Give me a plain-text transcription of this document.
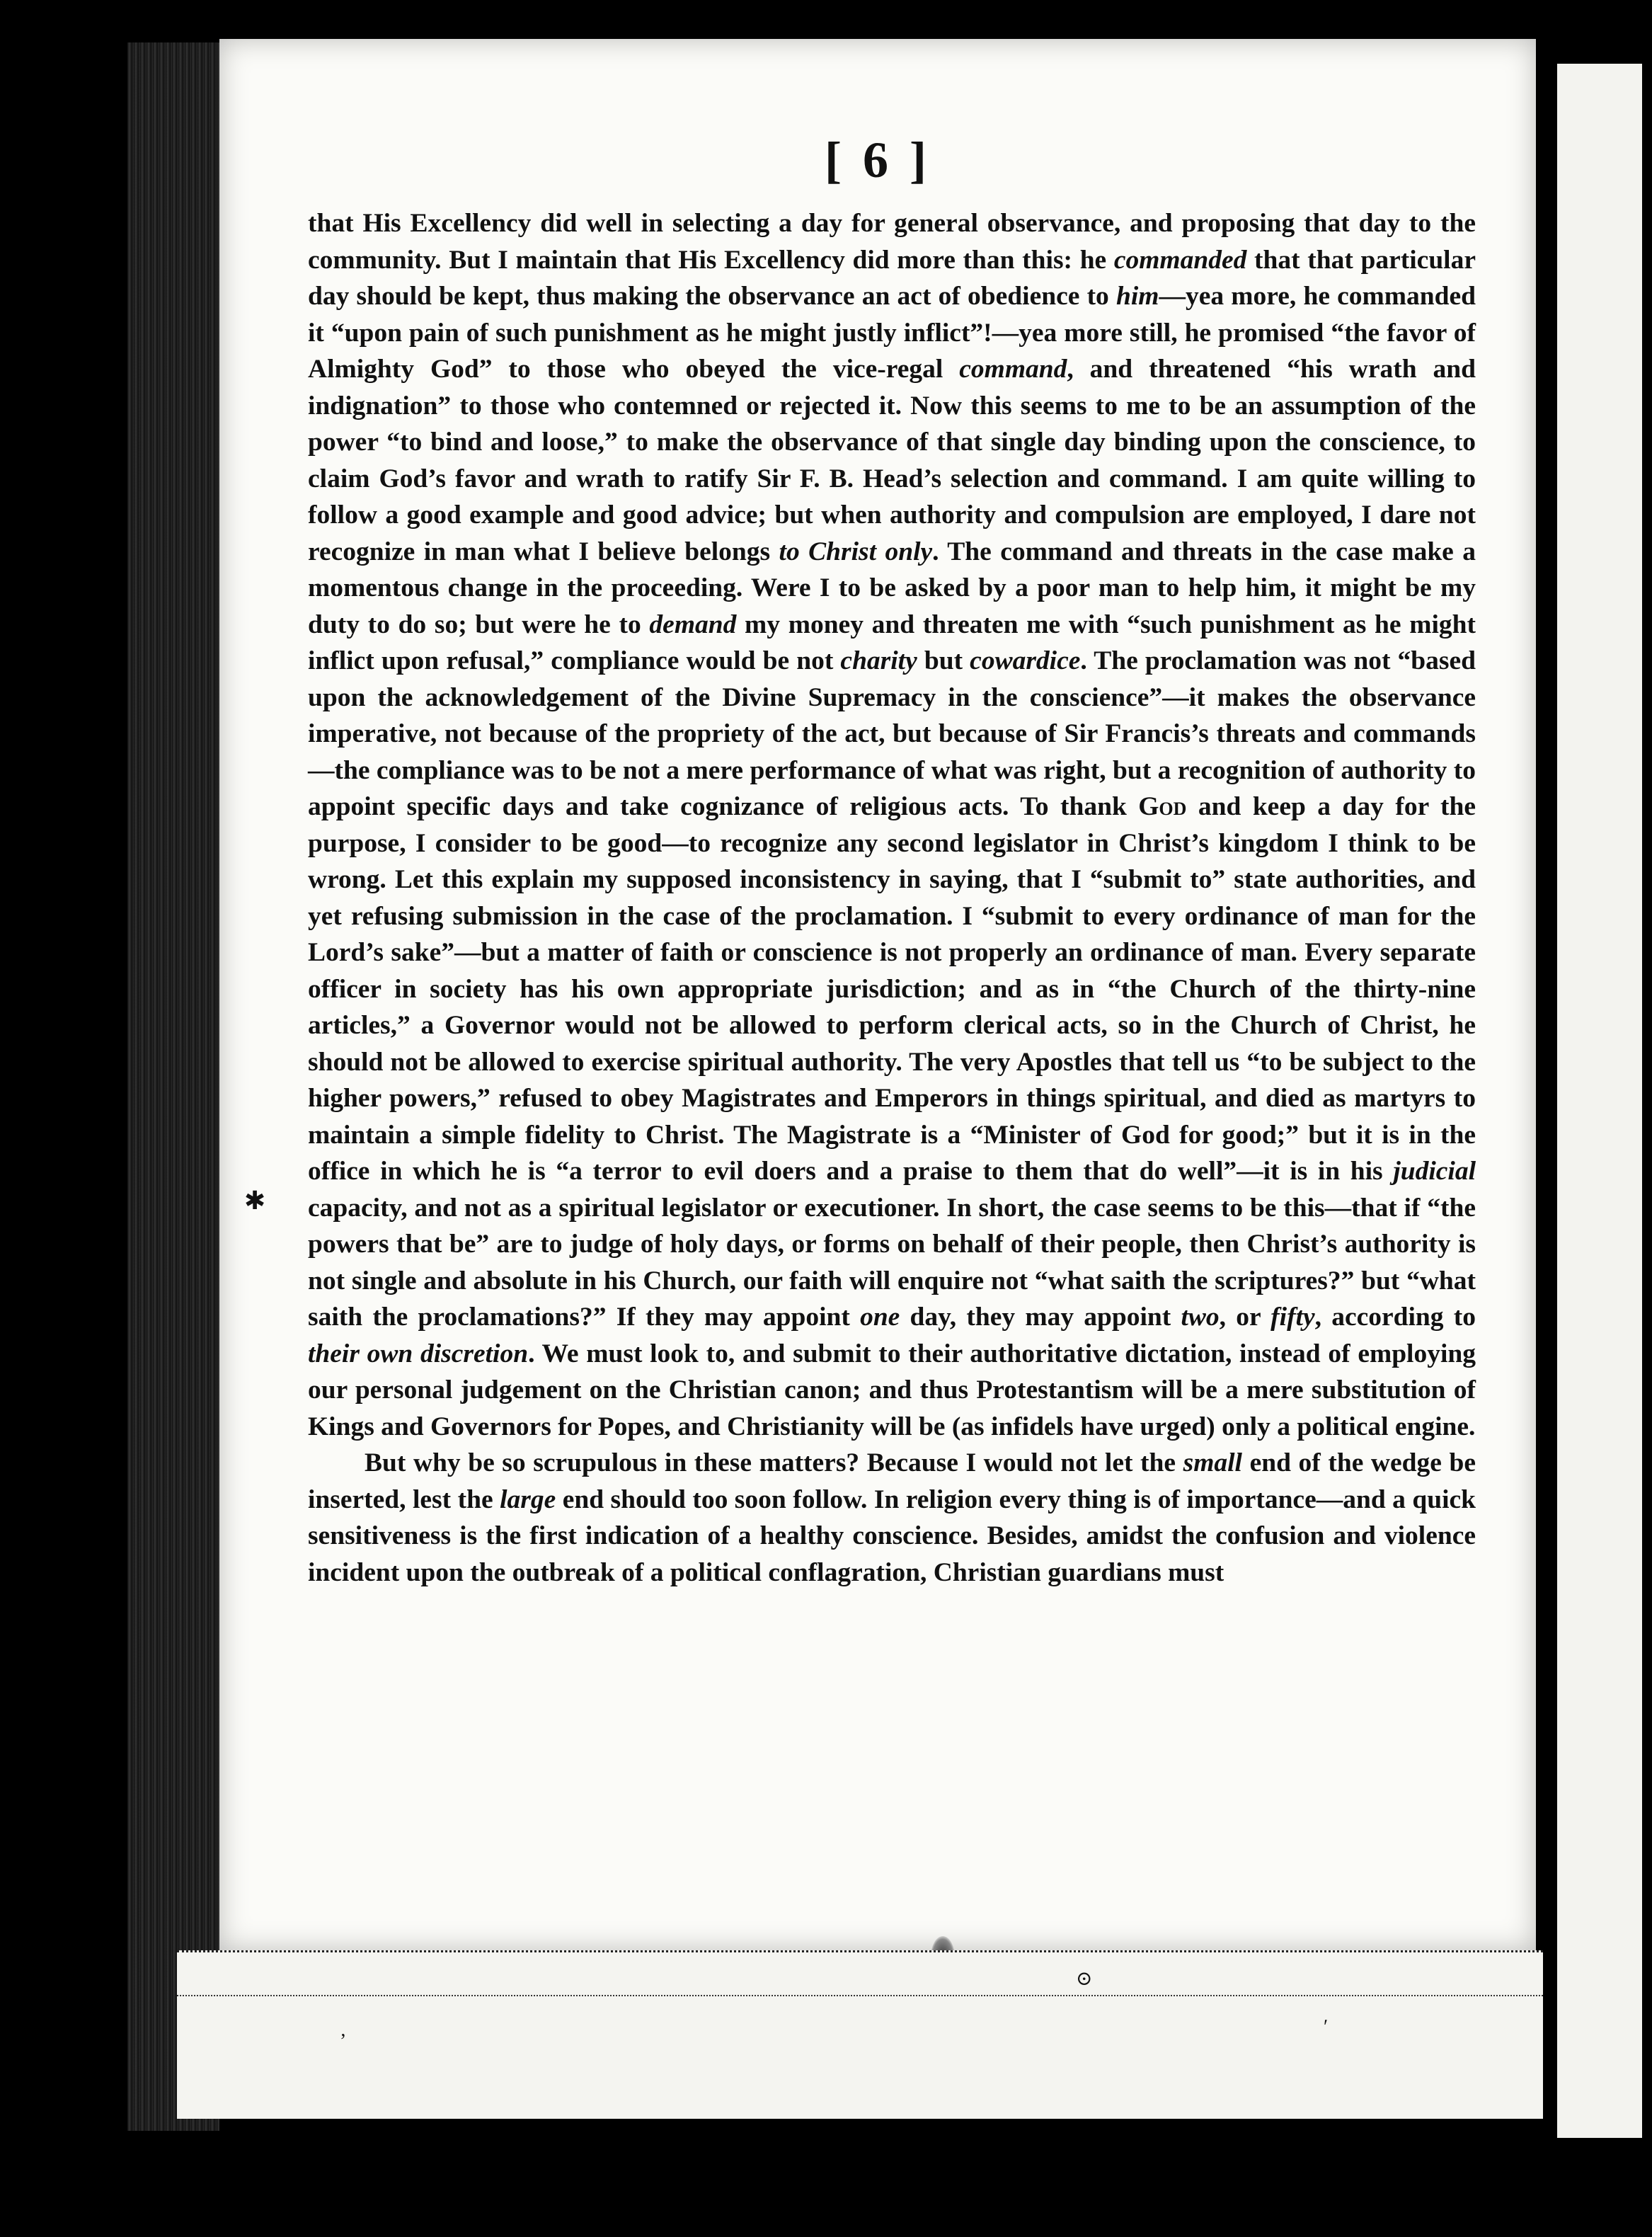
[ 6 ]

that His Excellency did well in selecting a day for general observance, and proposing that day to the community. But I maintain that His Excellency did more than this: he commanded that that particular day should be kept, thus making the observance an act of obedience to him—yea more, he commanded it “upon pain of such punishment as he might justly inflict”!—yea more still, he promised “the favor of Almighty God” to those who obeyed the vice-regal command, and threatened “his wrath and indignation” to those who contemned or rejected it. Now this seems to me to be an assumption of the power “to bind and loose,” to make the observance of that single day binding upon the conscience, to claim God’s favor and wrath to ratify Sir F. B. Head’s selection and command. I am quite willing to follow a good example and good advice; but when authority and compulsion are employed, I dare not recognize in man what I believe belongs to Christ only. The command and threats in the case make a momentous change in the proceeding. Were I to be asked by a poor man to help him, it might be my duty to do so; but were he to demand my money and threaten me with “such punishment as he might inflict upon refusal,” compliance would be not charity but cowardice. The proclamation was not “based upon the acknowledgement of the Divine Supremacy in the conscience”—it makes the observance imperative, not because of the propriety of the act, but because of Sir Francis’s threats and commands—the compliance was to be not a mere performance of what was right, but a recognition of authority to appoint specific days and take cognizance of religious acts. To thank God and keep a day for the purpose, I consider to be good—to recognize any second legislator in Christ’s kingdom I think to be wrong. Let this explain my supposed inconsistency in saying, that I “submit to” state authorities, and yet refusing submission in the case of the proclamation. I “submit to every ordinance of man for the Lord’s sake”—but a matter of faith or conscience is not properly an ordinance of man. Every separate officer in society has his own appropriate jurisdiction; and as in “the Church of the thirty-nine articles,” a Governor would not be allowed to perform clerical acts, so in the Church of Christ, he should not be allowed to exercise spiritual authority. The very Apostles that tell us “to be subject to the higher powers,” refused to obey Magistrates and Emperors in things spiritual, and died as martyrs to maintain a simple fidelity to Christ. The Magistrate is a “Minister of God for good;” but it is in the office in which he is “a terror to evil doers and a praise to them that do well”—it is in his judicial capacity, and not as a spiritual legislator or executioner. In short, the case seems to be this—that if “the powers that be” are to judge of holy days, or forms on behalf of their people, then Christ’s authority is not single and absolute in his Church, our faith will enquire not “what saith the scriptures?” but “what saith the proclamations?” If they may appoint one day, they may appoint two, or fifty, according to their own discretion. We must look to, and submit to their authoritative dictation, instead of employing our personal judgement on the Christian canon; and thus Protestantism will be a mere substitution of Kings and Governors for Popes, and Christianity will be (as infidels have urged) only a political engine.

But why be so scrupulous in these matters? Because I would not let the small end of the wedge be inserted, lest the large end should too soon follow. In religion every thing is of importance—and a quick sensitiveness is the first indication of a healthy conscience. Besides, amidst the confusion and violence incident upon the outbreak of a political conflagration, Christian guardians must

✱
ʼ
⊙
ʹ
